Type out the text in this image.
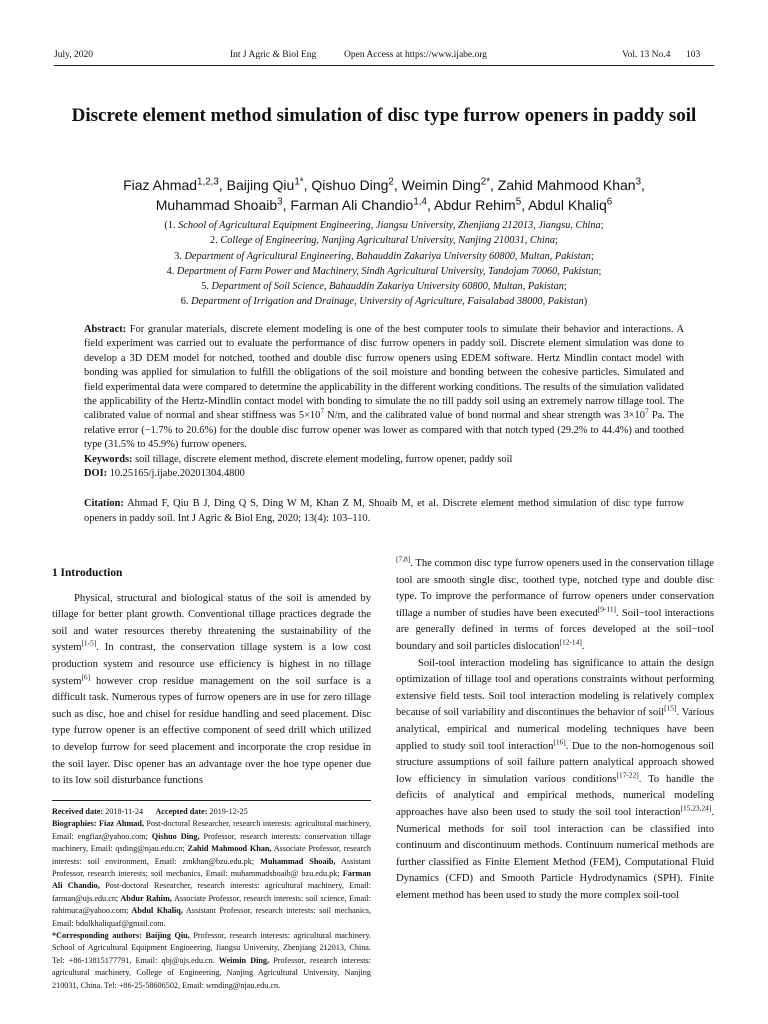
July, 2020	Int J Agric & Biol Eng	Open Access at https://www.ijabe.org	Vol. 13 No.4 103
Discrete element method simulation of disc type furrow openers in paddy soil
Fiaz Ahmad$^{1,2,3}$, Baijing Qiu$^{1*}$, Qishuo Ding$^2$, Weimin Ding$^{2*}$, Zahid Mahmood Khan$^3$,
Muhammad Shoaib$^3$, Farman Ali Chandio$^{1,4}$, Abdur Rehim$^5$, Abdul Khaliq$^6$
(1. School of Agricultural Equipment Engineering, Jiangsu University, Zhenjiang 212013, Jiangsu, China;
2. College of Engineering, Nanjing Agricultural University, Nanjing 210031, China;
3. Department of Agricultural Engineering, Bahauddin Zakariya University 60800, Multan, Pakistan;
4. Department of Farm Power and Machinery, Sindh Agricultural University, Tandojam 70060, Pakistan;
5. Department of Soil Science, Bahauddin Zakariya University 60800, Multan, Pakistan;
6. Department of Irrigation and Drainage, University of Agriculture, Faisalabad 38000, Pakistan)

Abstract: For granular materials, discrete element modeling is one of the best computer tools to simulate their behavior and interactions. A field experiment was carried out to evaluate the performance of disc furrow openers in paddy soil. Discrete element simulation was done to develop a 3D DEM model for notched, toothed and double disc furrow openers using EDEM software. Hertz Mindlin contact model with bonding was applied for simulation to fulfill the obligations of the soil moisture and bonding between the cohesive particles. Simulated and field experimental data were compared to determine the applicability in the different working conditions. The results of the simulation validated the applicability of the Hertz-Mindlin contact model with bonding to simulate the no till paddy soil using an extremely narrow tillage tool. The calibrated value of normal and shear stiffness was $5\times 10^7$ N/m, and the calibrated value of bond normal and shear strength was $3\times 10^7$ Pa. The relative error (−1.7% to 20.6%) for the double disc furrow opener was lower as compared with that notch typed (29.2% to 44.4%) and toothed type (31.5% to 45.9%) furrow openers.

Keywords: soil tillage, discrete element method, discrete element modeling, furrow opener, paddy soil

DOI: 10.25165/j.ijabe.20201304.4800

Citation: Ahmad F, Qiu B J, Ding Q S, Ding W M, Khan Z M, Shoaib M, et al. Discrete element method simulation of disc type furrow openers in paddy soil. Int J Agric & Biol Eng, 2020; 13(4): 103–110.

1 Introduction

Physical, structural and biological status of the soil is amended by tillage for better plant growth. Conventional tillage practices degrade the soil and water resources thereby threatening the sustainability of the system[1-5]. In contrast, the conservation tillage system is a low cost production system and resource use efficiency is highest in no tillage system[6] however crop residue management on the soil surface is a difficult task. Numerous types of furrow openers are in use for zero tillage such as disc, hoe and chisel for residue handling and seed placement. Disc type furrow opener is an effective component of seed drill which utilized to develop furrow for seed placement and incorporate the crop residue in the soil layer. Disc opener has an advantage over the hoe type opener due to its low soil disturbance functions

[7,8]. The common disc type furrow openers used in the conservation tillage tool are smooth single disc, toothed type, notched type and double disc type. To improve the performance of furrow openers under conservation tillage a number of studies have been executed[9-11]. Soil−tool interactions are generally defined in terms of forces developed at the soil−tool boundary and soil particles dislocation[12-14].

Soil-tool interaction modeling has significance to attain the design optimization of tillage tool and operations constraints without performing extensive field tests. Soil tool interaction modeling is relatively complex because of soil variability and discontinues the behavior of soil[15]. Various analytical, empirical and numerical modeling techniques have been applied to study soil tool interaction[16]. Due to the non-homogenous soil structure assumptions of soil failure pattern analytical approach showed low efficiency in simulation various conditions[17-22]. To handle the deficits of analytical and empirical methods, numerical modeling approaches have also been used to study the soil tool interaction[15,23,24]. Numerical methods for soil tool interaction can be classified into continuum and discontinuum methods. Continuum numerical methods are further classified as Finite Element Method (FEM), Computational Fluid Dynamics (CFD) and Smooth Particle Hydrodynamics (SPH). Finite element method has been used to study the more complex soil-tool

Received date: 2018-11-24 Accepted date: 2019-12-25

Biographies: Fiaz Ahmad, Post-doctoral Researcher, research interests: agricultural machinery, Email: engfiaz@yahoo.com; Qishuo Ding, Professor, research interests: conservation tillage machinery, Email: qsding@njau.edu.cn; Zahid Mahmood Khan, Associate Professor, research interests: soil environment, Email: zmkhan@bzu.edu.pk; Muhammad Shoaib, Assistant Professor, research interests: soil mechanics, Email: muhammadshoaib@ bzu.edu.pk; Farman Ali Chandio, Post-doctoral Researcher, research interests: agricultural machinery, Email: farman@ujs.edu.cn; Abdur Rahim, Associate Professor, research interests: soil science, Email: rahimuca@yahoo.com; Abdul Khaliq, Assistant Professor, research interests: soil mechanics, Email: bdulkhaliquaf@gmail.com.

*Corresponding authors: Baijing Qiu, Professor, research interests: agricultural machinery. School of Agricultural Equipment Engineering, Jiangsu University, Zhenjiang 212013, China. Tel: +86-13815177791, Email: qbj@ujs.edu.cn. Weimin Ding, Professor, research interests: agricultural machinery, College of Engineering, Nanjing Agricultural University, Nanjing 210031, China. Tel: +86-25-58606502, Email: wmding@njau.edu.cn.
